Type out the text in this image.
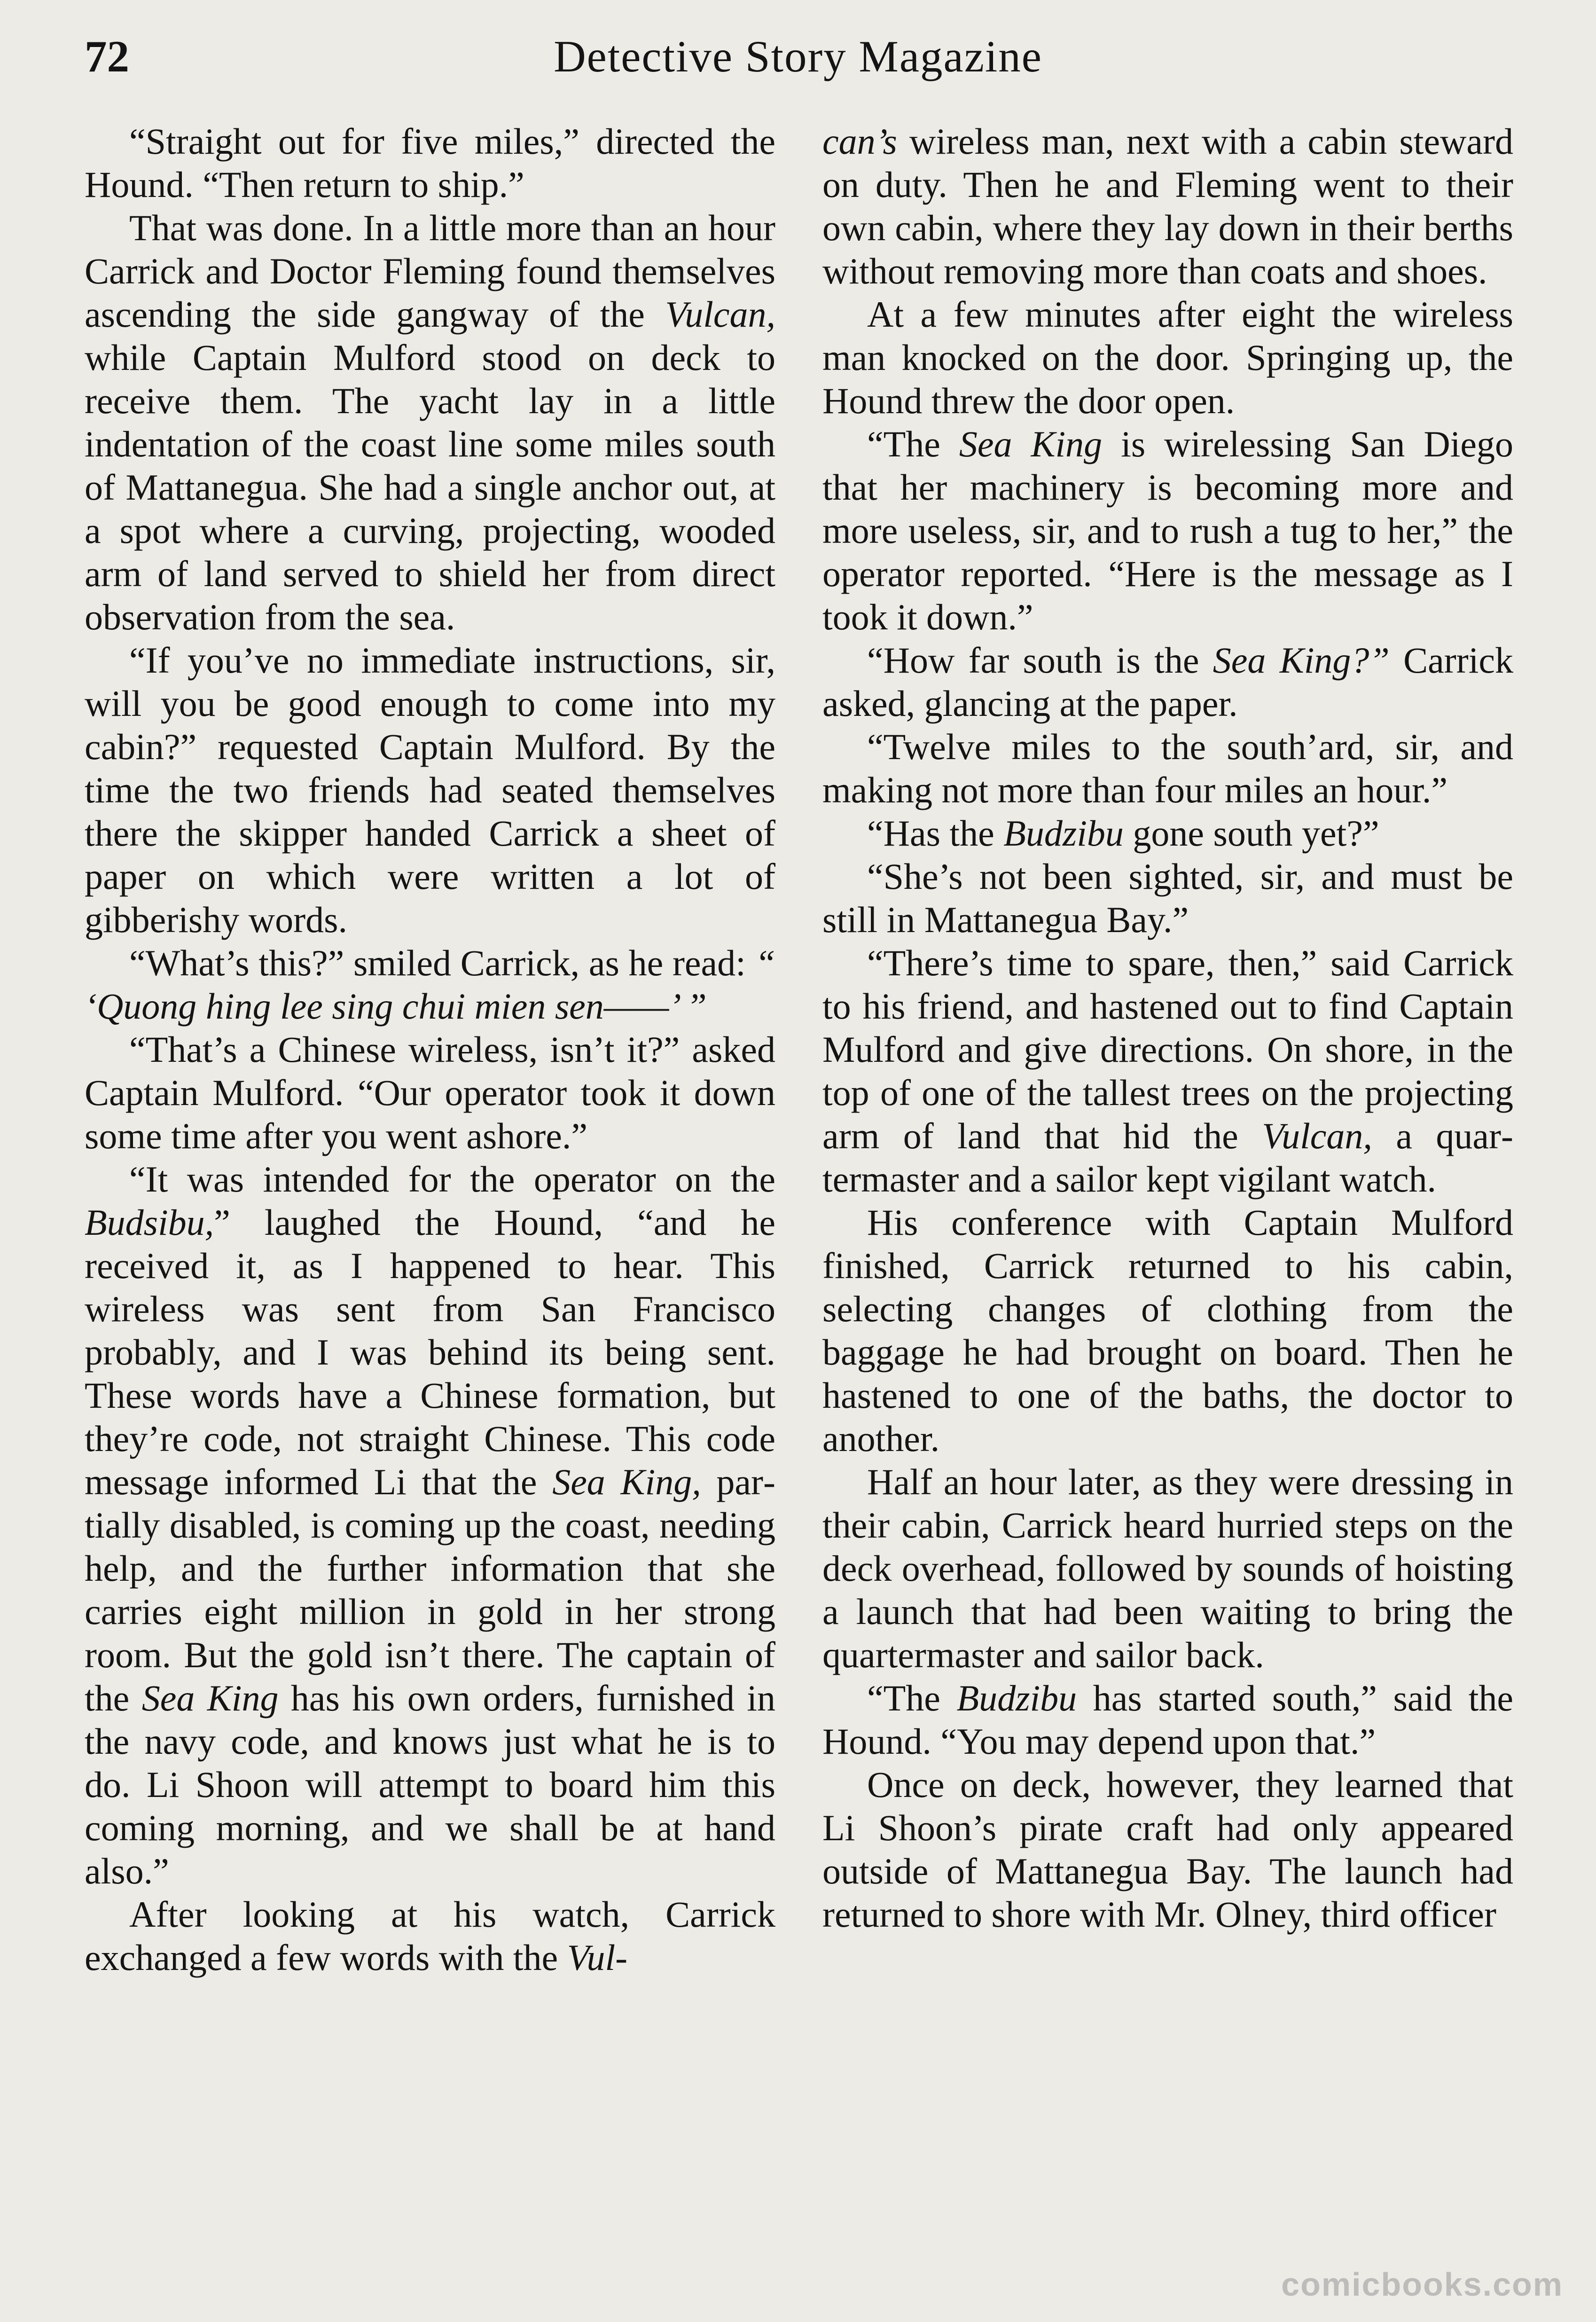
72	Detective Story Magazine

“Straight out for five miles,” directed the Hound. “Then return to ship.”

That was done. In a little more than an hour Carrick and Doctor Fleming found themselves ascending the side gangway of the Vulcan, while Captain Mulford stood on deck to receive them. The yacht lay in a little indentation of the coast line some miles south of Mattanegua. She had a single anchor out, at a spot where a curving, projecting, wooded arm of land served to shield her from direct observation from the sea.

“If you’ve no immediate instructions, sir, will you be good enough to come into my cabin?” requested Captain Mulford. By the time the two friends had seated themselves there the skipper handed Carrick a sheet of paper on which were written a lot of gibberishy words.

“What’s this?” smiled Carrick, as he read: “ ‘Quong hing lee sing chui mien sen——’ ”

“That’s a Chinese wireless, isn’t it?” asked Captain Mulford. “Our operator took it down some time after you went ashore.”

“It was intended for the operator on the Budsibu,” laughed the Hound, “and he received it, as I happened to hear. This wireless was sent from San Francisco probably, and I was behind its being sent. These words have a Chinese formation, but they’re code, not straight Chinese. This code message informed Li that the Sea King, partially disabled, is coming up the coast, needing help, and the further information that she carries eight million in gold in her strong room. But the gold isn’t there. The captain of the Sea King has his own orders, furnished in the navy code, and knows just what he is to do. Li Shoon will attempt to board him this coming morning, and we shall be at hand also.”

After looking at his watch, Carrick exchanged a few words with the Vul-

can’s wireless man, next with a cabin steward on duty. Then he and Fleming went to their own cabin, where they lay down in their berths without removing more than coats and shoes.

At a few minutes after eight the wireless man knocked on the door. Springing up, the Hound threw the door open.

“The Sea King is wirelessing San Diego that her machinery is becoming more and more useless, sir, and to rush a tug to her,” the operator reported. “Here is the message as I took it down.”

“How far south is the Sea King?” Carrick asked, glancing at the paper.

“Twelve miles to the south’ard, sir, and making not more than four miles an hour.”

“Has the Budzibu gone south yet?”

“She’s not been sighted, sir, and must be still in Mattanegua Bay.”

“There’s time to spare, then,” said Carrick to his friend, and hastened out to find Captain Mulford and give directions. On shore, in the top of one of the tallest trees on the projecting arm of land that hid the Vulcan, a quartermaster and a sailor kept vigilant watch.

His conference with Captain Mulford finished, Carrick returned to his cabin, selecting changes of clothing from the baggage he had brought on board. Then he hastened to one of the baths, the doctor to another.

Half an hour later, as they were dressing in their cabin, Carrick heard hurried steps on the deck overhead, followed by sounds of hoisting a launch that had been waiting to bring the quartermaster and sailor back.

“The Budzibu has started south,” said the Hound. “You may depend upon that.”

Once on deck, however, they learned that Li Shoon’s pirate craft had only appeared outside of Mattanegua Bay. The launch had returned to shore with Mr. Olney, third officer

comicbooks.com
